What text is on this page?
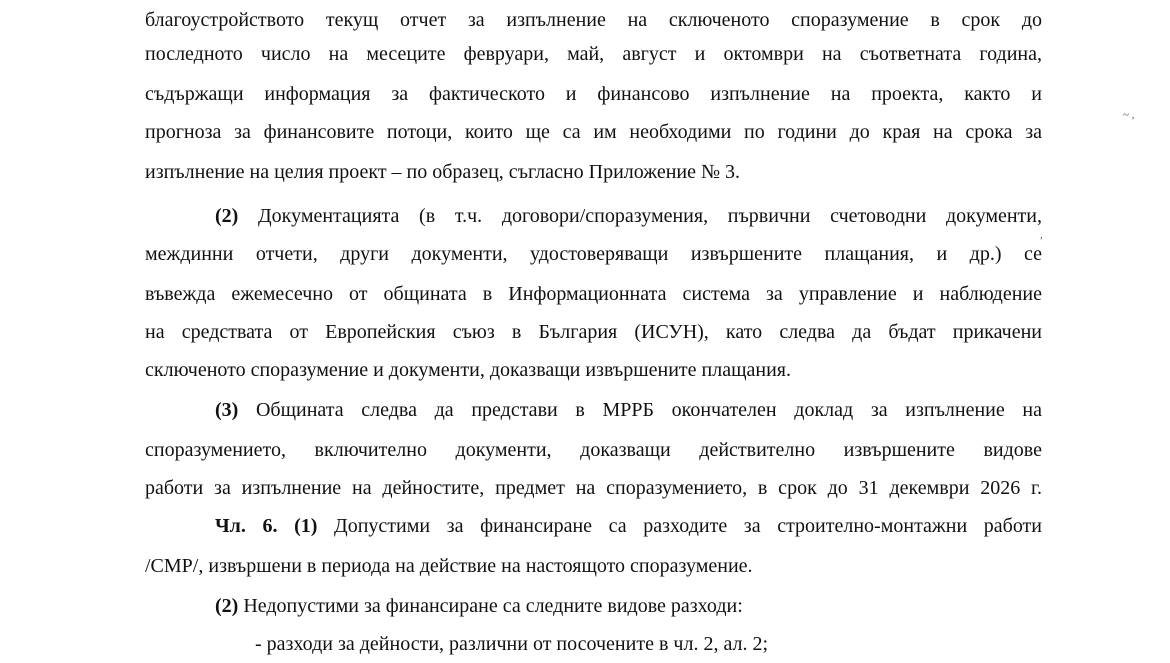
благоустройството текущ отчет за изпълнение на сключеното споразумение в срок до
последното число на месеците февруари, май, август и октомври на съответната година,
съдържащи информация за фактическото и финансово изпълнение на проекта, както и
прогноза за финансовите потоци, които ще са им необходими по години до края на срока за
изпълнение на целия проект – по образец, съгласно Приложение № 3.
(2) Документацията (в т.ч. договори/споразумения, първични счетоводни документи,
междинни отчети, други документи, удостоверяващи извършените плащания, и др.) се
въвежда ежемесечно от общината в Информационната система за управление и наблюдение
на средствата от Европейския съюз в България (ИСУН), като следва да бъдат прикачени
сключеното споразумение и документи, доказващи извършените плащания.
(3) Общината следва да представи в МРРБ окончателен доклад за изпълнение на
споразумението, включително документи, доказващи действително извършените видове
работи за изпълнение на дейностите, предмет на споразумението, в срок до 31 декември 2026 г.
Чл. 6. (1) Допустими за финансиране са разходите за строително-монтажни работи
/СМР/, извършени в периода на действие на настоящото споразумение.
(2) Недопустими за финансиране са следните видове разходи:
- разходи за дейности, различни от посочените в чл. 2, ал. 2;
~ ,
,
